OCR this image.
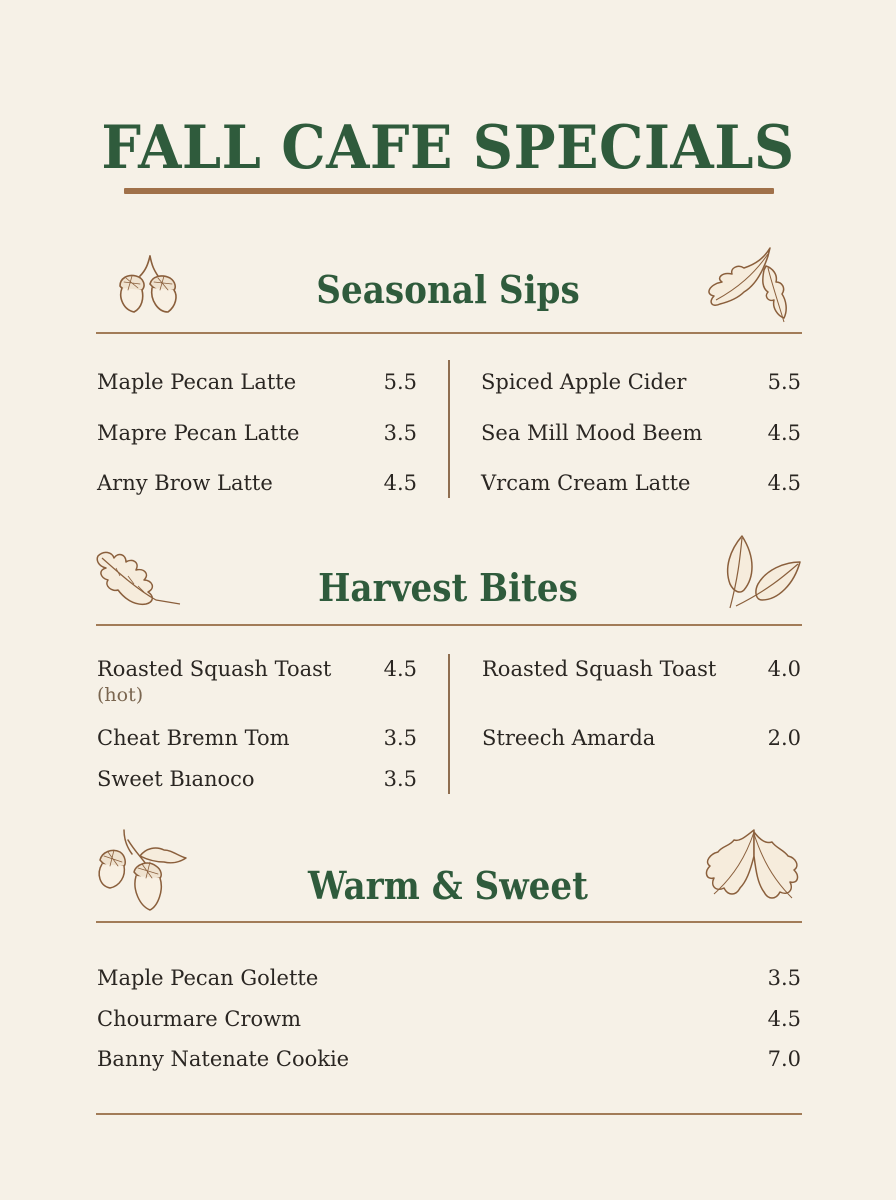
FALL CAFE SPECIALS
Seasonal Sips
Maple Pecan Latte	5.5
Mapre Pecan Latte	3.5
Arny Brow Latte	4.5
Spiced Apple Cider	5.5
Sea Mill Mood Beem	4.5
Vrcam Cream Latte	4.5
Harvest Bites
Roasted Squash Toast 4.5
(hot)
Cheat Bremn Tom	3.5
Sweet Bıanoco	3.5
Roasted Squash Toast 4.0
Streech Amarda	2.0
Warm & Sweet
Maple Pecan Golette	3.5
Chourmare Crowm	4.5
Banny Natenate Cookie	7.0
